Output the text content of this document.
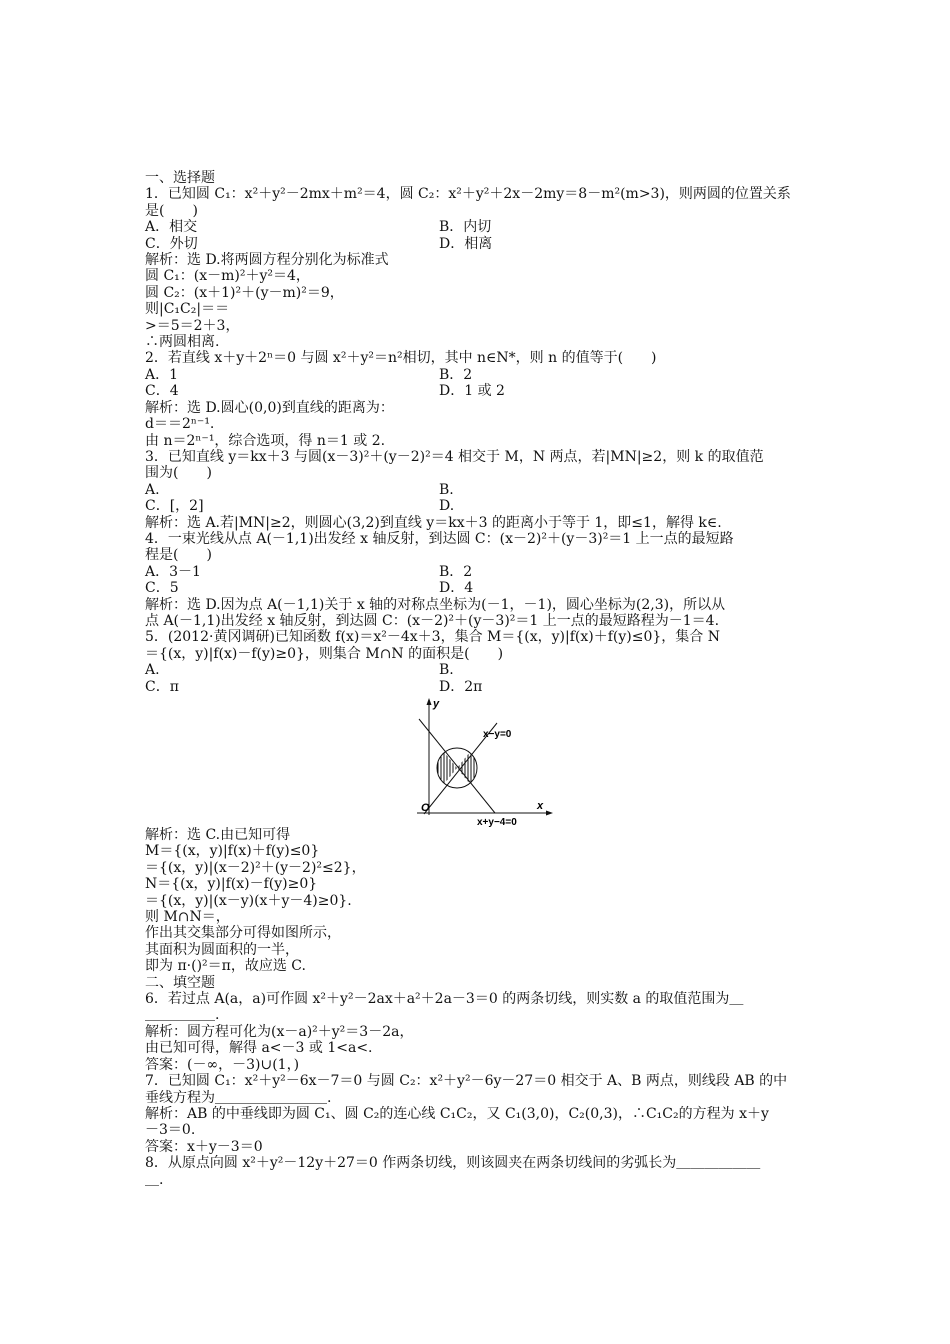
一、选择题
1．已知圆 C₁：x²＋y²－2mx＋m²＝4，圆 C₂：x²＋y²＋2x－2my＝8－m²(m>3)，则两圆的位置关系
是(　　)
A．相交	B．内切
C．外切	D．相离
解析：选 D.将两圆方程分别化为标准式
圆 C₁：(x－m)²＋y²＝4，
圆 C₂：(x＋1)²＋(y－m)²＝9，
则|C₁C₂|＝＝
>＝5＝2＋3，
∴两圆相离.
2．若直线 x＋y＋2ⁿ＝0 与圆 x²＋y²＝n²相切，其中 n∈N*，则 n 的值等于(　　)
A．1	B．2
C．4	D．1 或 2
解析：选 D.圆心(0,0)到直线的距离为：
d＝＝2ⁿ⁻¹.
由 n＝2ⁿ⁻¹，综合选项，得 n＝1 或 2.
3．已知直线 y＝kx＋3 与圆(x－3)²＋(y－2)²＝4 相交于 M，N 两点，若|MN|≥2，则 k 的取值范
围为(　　)
A.	B.
C．[，2]	D.
解析：选 A.若|MN|≥2，则圆心(3,2)到直线 y＝kx＋3 的距离小于等于 1，即≤1，解得 k∈.
4．一束光线从点 A(－1,1)出发经 x 轴反射，到达圆 C：(x－2)²＋(y－3)²＝1 上一点的最短路
程是(　　)
A．3－1	B．2
C．5	D．4
解析：选 D.因为点 A(－1,1)关于 x 轴的对称点坐标为(－1，－1)，圆心坐标为(2,3)，所以从
点 A(－1,1)出发经 x 轴反射，到达圆 C：(x－2)²＋(y－3)²＝1 上一点的最短路程为－1＝4.
5．(2012·黄冈调研)已知函数 f(x)＝x²－4x＋3，集合 M＝{(x，y)|f(x)＋f(y)≤0}，集合 N
＝{(x，y)|f(x)－f(y)≥0}，则集合 M∩N 的面积是(　　)
A.	B.
C．π	D．2π
y
x
O
x−y=0
x+y−4=0
解析：选 C.由已知可得
M＝{(x，y)|f(x)＋f(y)≤0}
＝{(x，y)|(x－2)²＋(y－2)²≤2}，
N＝{(x，y)|f(x)－f(y)≥0}
＝{(x，y)|(x－y)(x＋y－4)≥0}.
则 M∩N＝，
作出其交集部分可得如图所示，
其面积为圆面积的一半，
即为 π·()²＝π，故应选 C.
二、填空题
6．若过点 A(a，a)可作圆 x²＋y²－2ax＋a²＋2a－3＝0 的两条切线，则实数 a 的取值范围为＿
＿＿＿＿＿.
解析：圆方程可化为(x－a)²＋y²＝3－2a，
由已知可得，解得 a<－3 或 1<a<.
答案：(－∞，－3)∪(1，)
7．已知圆 C₁：x²＋y²－6x－7＝0 与圆 C₂：x²＋y²－6y－27＝0 相交于 A、B 两点，则线段 AB 的中
垂线方程为＿＿＿＿＿＿＿＿.
解析：AB 的中垂线即为圆 C₁、圆 C₂的连心线 C₁C₂，又 C₁(3,0)，C₂(0,3)，∴C₁C₂的方程为 x＋y
－3＝0.
答案：x＋y－3＝0
8．从原点向圆 x²＋y²－12y＋27＝0 作两条切线，则该圆夹在两条切线间的劣弧长为＿＿＿＿＿＿
＿.
